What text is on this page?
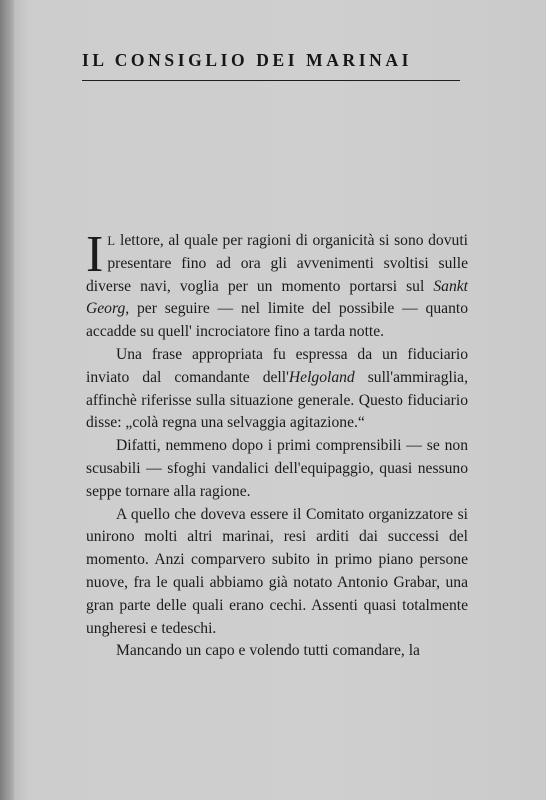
IL CONSIGLIO DEI MARINAI

I L lettore, al quale per ragioni di organicità si sono dovuti presentare fino ad ora gli avvenimenti svoltisi sulle diverse navi, voglia per un momento portarsi sul Sankt Georg, per seguire — nel limite del possibile — quanto accadde su quell' incrociatore fino a tarda notte.

Una frase appropriata fu espressa da un fiduciario inviato dal comandante dell'Helgoland sull'ammiraglia, affinchè riferisse sulla situazione generale. Questo fiduciario disse: „colà regna una selvaggia agitazione.“

Difatti, nemmeno dopo i primi comprensibili — se non scusabili — sfoghi vandalici dell'equipaggio, quasi nessuno seppe tornare alla ragione.

A quello che doveva essere il Comitato organizzatore si unirono molti altri marinai, resi arditi dai successi del momento. Anzi comparvero subito in primo piano persone nuove, fra le quali abbiamo già notato Antonio Grabar, una gran parte delle quali erano cechi. Assenti quasi totalmente ungheresi e tedeschi.

Mancando un capo e volendo tutti comandare, la
